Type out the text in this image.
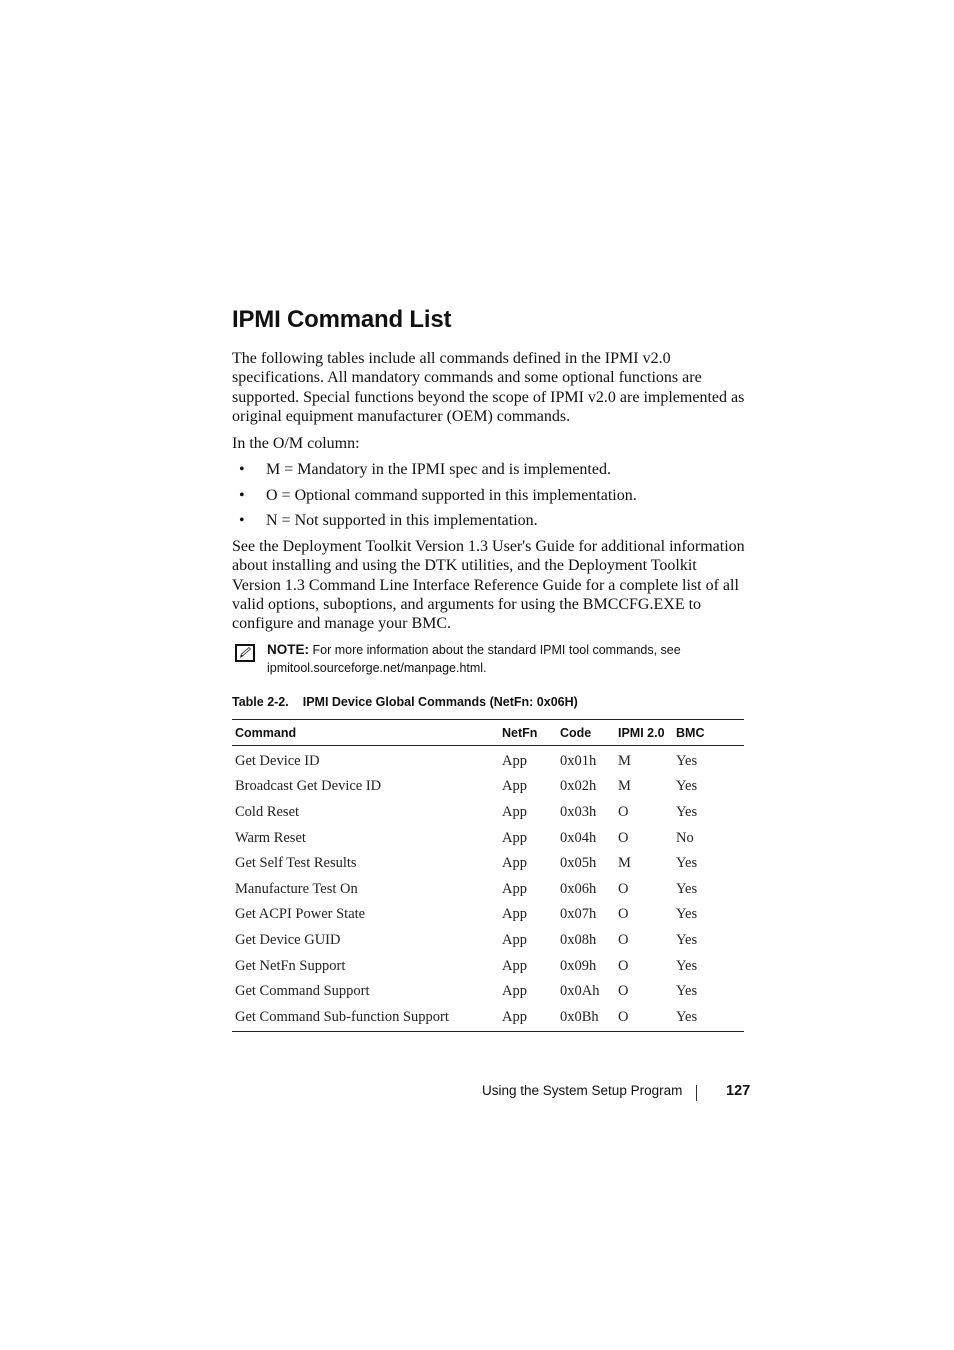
IPMI Command List

The following tables include all commands defined in the IPMI v2.0 specifications. All mandatory commands and some optional functions are supported. Special functions beyond the scope of IPMI v2.0 are implemented as original equipment manufacturer (OEM) commands.

In the O/M column:

• M = Mandatory in the IPMI spec and is implemented.
• O = Optional command supported in this implementation.
• N = Not supported in this implementation.

See the Deployment Toolkit Version 1.3 User's Guide for additional information about installing and using the DTK utilities, and the Deployment Toolkit Version 1.3 Command Line Interface Reference Guide for a complete list of all valid options, suboptions, and arguments for using the BMCCFG.EXE to configure and manage your BMC.

NOTE: For more information about the standard IPMI tool commands, see ipmitool.sourceforge.net/manpage.html.
Table 2-2. IPMI Device Global Commands (NetFn: 0x06H)
Command	NetFn	Code	IPMI 2.0	BMC
Get Device ID	App	0x01h	M	Yes
Broadcast Get Device ID	App	0x02h	M	Yes
Cold Reset	App	0x03h	O	Yes
Warm Reset	App	0x04h	O	No
Get Self Test Results	App	0x05h	M	Yes
Manufacture Test On	App	0x06h	O	Yes
Get ACPI Power State	App	0x07h	O	Yes
Get Device GUID	App	0x08h	O	Yes
Get NetFn Support	App	0x09h	O	Yes
Get Command Support	App	0x0Ah	O	Yes
Get Command Sub-function Support	App	0x0Bh	O	Yes
Using the System Setup Program	127
